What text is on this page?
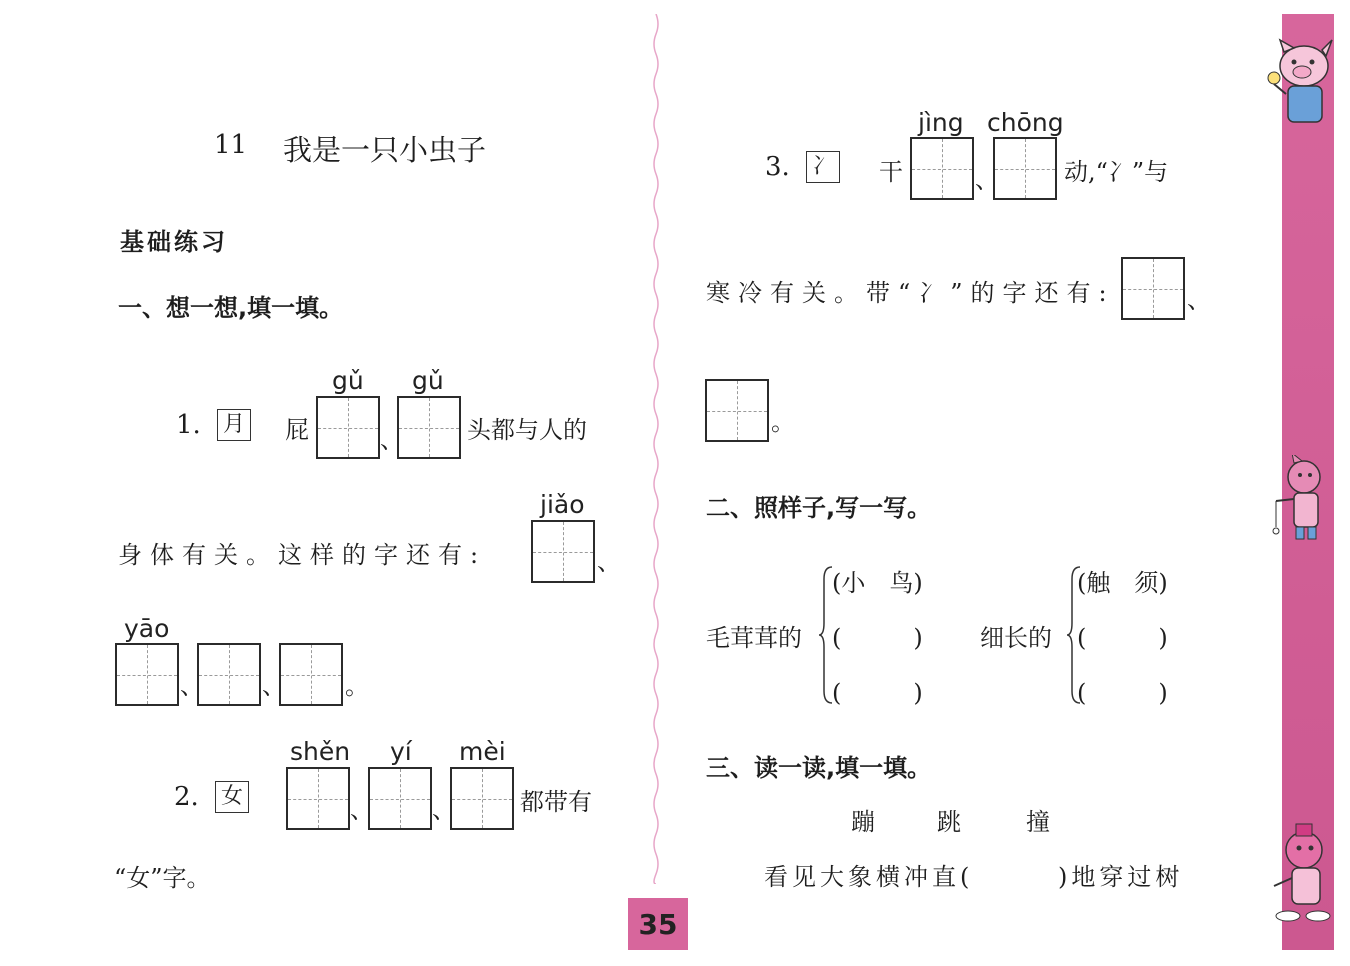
35
11 我是一只小虫子
基础练习
一、想一想,填一填。
gǔ gǔ
1. 月 屁	、	头都与人的
jiǎo
身体有关。这样的字还有:	、
yāo
、 、 。
shěn yí mèi
2. 女	、 、	都带有
“女”字。
jìng chōng
3. 冫 干	、	动,“冫”与
寒冷有关。带“冫”的字还有:	、
。
二、照样子,写一写。
毛茸茸的
(小　鸟)
(　　　)
(　　　)
细长的
(触　须)
(　　　)
(　　　)
三、读一读,填一填。
蹦	跳	撞
看见大象横冲直(	)地穿过树
